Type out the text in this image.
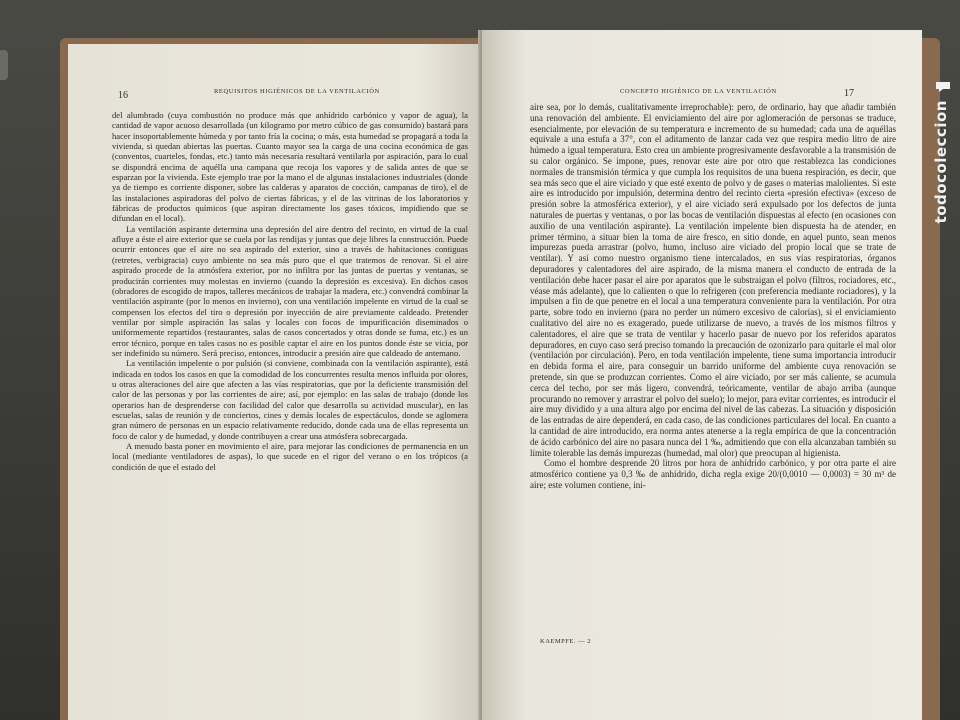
16	REQUISITOS HIGIÉNICOS DE LA VENTILACIÓN

del alumbrado (cuya combustión no produce más que anhídrido carbónico y vapor de agua), la cantidad de vapor acuoso desarrollada (un kilogramo por metro cúbico de gas consumido) bastará para hacer insoportablemente húmeda y por tanto fría la cocina; o más, esta humedad se propagará a toda la vivienda, si quedan abiertas las puertas. Cuanto mayor sea la carga de una cocina económica de gas (conventos, cuarteles, fondas, etc.) tanto más necesaria resultará ventilarla por aspiración, para lo cual se dispondrá encima de aquélla una campana que recoja los vapores y de salida antes de que se esparzan por la vivienda. Este ejemplo trae por la mano el de algunas instalaciones industriales (donde ya de tiempo es corriente disponer, sobre las calderas y aparatos de cocción, campanas de tiro), el de las instalaciones aspiradoras del polvo de ciertas fábricas, y el de las vitrinas de los laboratorios y fábricas de productos químicos (que aspiran directamente los gases tóxicos, impidiendo que se difundan en el local).

La ventilación aspirante determina una depresión del aire dentro del recinto, en virtud de la cual afluye a éste el aire exterior que se cuela por las rendijas y juntas que deje libres la construcción. Puede ocurrir entonces que el aire no sea aspirado del exterior, sino a través de habitaciones contiguas (retretes, verbigracia) cuyo ambiente no sea más puro que el que tratemos de renovar. Si el aire aspirado procede de la atmósfera exterior, por no infiltra por las juntas de puertas y ventanas, se producirán corrientes muy molestas en invierno (cuando la depresión es excesiva). En dichos casos (obradores de escogido de trapos, talleres mecánicos de trabajar la madera, etc.) convendrá combinar la ventilación aspirante (por lo menos en invierno), con una ventilación impelente en virtud de la cual se compensen los efectos del tiro o depresión por inyección de aire previamente caldeado. Pretender ventilar por simple aspiración las salas y locales con focos de impurificación diseminados o uniformemente repartidos (restaurantes, salas de casos concertados y otras donde se fuma, etc.) es un error técnico, porque en tales casos no es posible captar el aire en los puntos donde éste se vicia, por ser indefinido su número. Será preciso, entonces, introducir a presión aire que caldeado de antemano.

La ventilación impelente o por pulsión (si conviene, combinada con la ventilación aspirante), está indicada en todos los casos en que la comodidad de los concurrentes resulta menos influida por olores, u otras alteraciones del aire que afecten a las vías respiratorias, que por la deficiente transmisión del calor de las personas y por las corrientes de aire; así, por ejemplo: en las salas de trabajo (donde los operarios han de desprenderse con facilidad del calor que desarrolla su actividad muscular), en las escuelas, salas de reunión y de conciertos, cines y demás locales de espectáculos, donde se aglomera gran número de personas en un espacio relativamente reducido, donde cada una de ellas representa un foco de calor y de humedad, y donde contribuyen a crear una atmósfera sobrecargada.

A menudo basta poner en movimiento el aire, para mejorar las condiciones de permanencia en un local (mediante ventiladores de aspas), lo que sucede en el rigor del verano o en los trópicos (a condición de que el estado del

CONCEPTO HIGIÉNICO DE LA VENTILACIÓN	17

aire sea, por lo demás, cualitativamente irreprochable): pero, de ordinario, hay que añadir también una renovación del ambiente. El enviciamiento del aire por aglomeración de personas se traduce, esencialmente, por elevación de su temperatura e incremento de su humedad; cada una de aquéllas equivale a una estufa a 37°, con el aditamento de lanzar cada vez que respira medio litro de aire húmedo a igual temperatura. Esto crea un ambiente progresivamente desfavorable a la transmisión de su calor orgánico. Se impone, pues, renovar este aire por otro que restablezca las condiciones normales de transmisión térmica y que cumpla los requisitos de una buena respiración, es decir, que sea más seco que el aire viciado y que esté exento de polvo y de gases o materias malolientes. Si este aire es introducido por impulsión, determina dentro del recinto cierta «presión efectiva» (exceso de presión sobre la atmosférica exterior), y el aire viciado será expulsado por los defectos de junta naturales de puertas y ventanas, o por las bocas de ventilación dispuestas al efecto (en ocasiones con auxilio de una ventilación aspirante). La ventilación impelente bien dispuesta ha de atender, en primer término, a situar bien la toma de aire fresco, en sitio donde, en aquel punto, sean menos impurezas pueda arrastrar (polvo, humo, incluso aire viciado del propio local que se trate de ventilar). Y así como nuestro organismo tiene intercalados, en sus vías respiratorias, órganos depuradores y calentadores del aire aspirado, de la misma manera el conducto de entrada de la ventilación debe hacer pasar el aire por aparatos que le substraigan el polvo (filtros, rociadores, etc., véase más adelante), que lo calienten o que lo refrigeren (con preferencia mediante rociadores), y la impulsen a fin de que penetre en el local a una temperatura conveniente para la ventilación. Por otra parte, sobre todo en invierno (para no perder un número excesivo de calorías), si el enviciamiento cualitativo del aire no es exagerado, puede utilizarse de nuevo, a través de los mismos filtros y calentadores, el aire que se trata de ventilar y hacerlo pasar de nuevo por los referidos aparatos depuradores, en cuyo caso será preciso tomando la precaución de ozonizarlo para quitarle el mal olor (ventilación por circulación). Pero, en toda ventilación impelente, tiene suma importancia introducir en debida forma el aire, para conseguir un barrido uniforme del ambiente cuya renovación se pretende, sin que se produzcan corrientes. Como el aire viciado, por ser más caliente, se acumula cerca del techo, por ser más ligero, convendrá, teóricamente, ventilar de abajo arriba (aunque procurando no remover y arrastrar el polvo del suelo); lo mejor, para evitar corrientes, es introducir el aire muy dividido y a una altura algo por encima del nivel de las cabezas. La situación y disposición de las entradas de aire dependerá, en cada caso, de las condiciones particulares del local. En cuanto a la cantidad de aire introducido, era norma antes atenerse a la regla empírica de que la concentración de ácido carbónico del aire no pasara nunca del 1 ‰, admitiendo que con ella alcanzaban también su límite tolerable las demás impurezas (humedad, mal olor) que preocupan al higienista.

Como el hombre desprende 20 litros por hora de anhídrido carbónico, y por otra parte el aire atmosférico contiene ya 0,3 ‰ de anhídrido, dicha regla exige 20/(0,0010 — 0,0003) = 30 m³ de aire; este volumen contiene, ini-

KAEMPFE. — 2
todocoleccion
